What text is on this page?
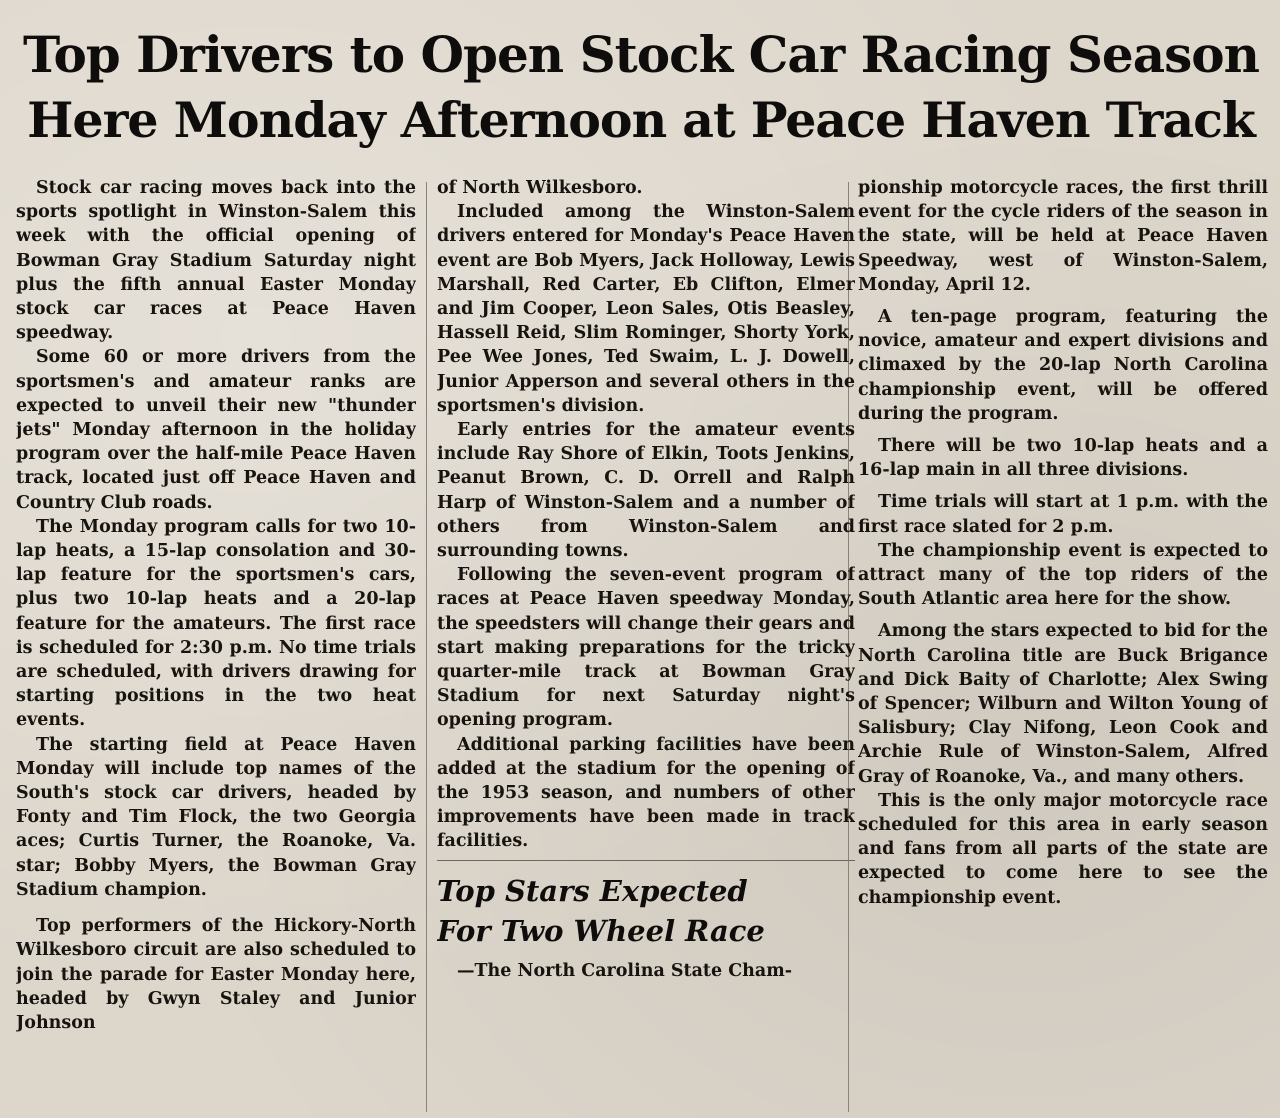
Top Drivers to Open Stock Car Racing Season
Here Monday Afternoon at Peace Haven Track

Stock car racing moves back into the sports spotlight in Winston-Salem this week with the official opening of Bowman Gray Stadium Saturday night plus the fifth annual Easter Monday stock car races at Peace Haven speedway.

Some 60 or more drivers from the sportsmen's and amateur ranks are expected to unveil their new "thunder jets" Monday afternoon in the holiday program over the half-mile Peace Haven track, located just off Peace Haven and Country Club roads.

The Monday program calls for two 10-lap heats, a 15-lap consolation and 30-lap feature for the sportsmen's cars, plus two 10-lap heats and a 20-lap feature for the amateurs. The first race is scheduled for 2:30 p.m. No time trials are scheduled, with drivers drawing for starting positions in the two heat events.

The starting field at Peace Haven Monday will include top names of the South's stock car drivers, headed by Fonty and Tim Flock, the two Georgia aces; Curtis Turner, the Roanoke, Va. star; Bobby Myers, the Bowman Gray Stadium champion.

Top performers of the Hickory-North Wilkesboro circuit are also scheduled to join the parade for Easter Monday here, headed by Gwyn Staley and Junior Johnson

of North Wilkesboro.

Included among the Winston-Salem drivers entered for Monday's Peace Haven event are Bob Myers, Jack Holloway, Lewis Marshall, Red Carter, Eb Clifton, Elmer and Jim Cooper, Leon Sales, Otis Beasley, Hassell Reid, Slim Rominger, Shorty York, Pee Wee Jones, Ted Swaim, L. J. Dowell, Junior Apperson and several others in the sportsmen's division.

Early entries for the amateur events include Ray Shore of Elkin, Toots Jenkins, Peanut Brown, C. D. Orrell and Ralph Harp of Winston-Salem and a number of others from Winston-Salem and surrounding towns.

Following the seven-event program of races at Peace Haven speedway Monday, the speedsters will change their gears and start making preparations for the tricky quarter-mile track at Bowman Gray Stadium for next Saturday night's opening program.

Additional parking facilities have been added at the stadium for the opening of the 1953 season, and numbers of other improvements have been made in track facilities.

Top Stars Expected
For Two Wheel Race

—The North Carolina State Cham-

pionship motorcycle races, the first thrill event for the cycle riders of the season in the state, will be held at Peace Haven Speedway, west of Winston-Salem, Monday, April 12.

A ten-page program, featuring the novice, amateur and expert divisions and climaxed by the 20-lap North Carolina championship event, will be offered during the program.

There will be two 10-lap heats and a 16-lap main in all three divisions.

Time trials will start at 1 p.m. with the first race slated for 2 p.m.

The championship event is expected to attract many of the top riders of the South Atlantic area here for the show.

Among the stars expected to bid for the North Carolina title are Buck Brigance and Dick Baity of Charlotte; Alex Swing of Spencer; Wilburn and Wilton Young of Salisbury; Clay Nifong, Leon Cook and Archie Rule of Winston-Salem, Alfred Gray of Roanoke, Va., and many others.

This is the only major motorcycle race scheduled for this area in early season and fans from all parts of the state are expected to come here to see the championship event.
